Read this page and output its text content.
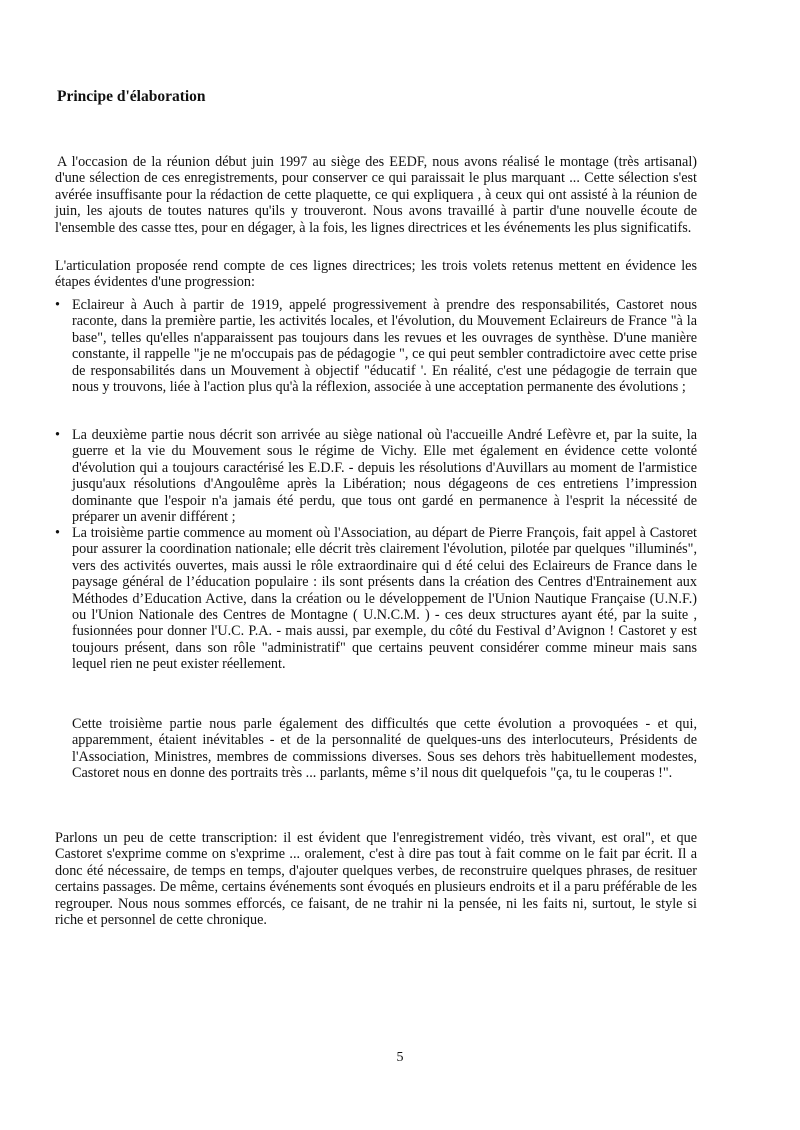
Principe d'élaboration

A l'occasion de la réunion début juin 1997 au siège des EEDF, nous avons réalisé le montage (très artisanal) d'une sélection de ces enregistrements, pour conserver ce qui paraissait le plus marquant ... Cette sélection s'est avérée insuffisante pour la rédaction de cette plaquette, ce qui expliquera , à ceux qui ont assisté à la réunion de juin, les ajouts de toutes natures qu'ils y trouveront. Nous avons travaillé à partir d'une nouvelle écoute de l'ensemble des casse ttes, pour en dégager, à la fois, les lignes directrices et les événements les plus significatifs.

L'articulation proposée rend compte de ces lignes directrices; les trois volets retenus mettent en évidence les étapes évidentes d'une progression:

• Eclaireur à Auch à partir de 1919, appelé progressivement à prendre des responsabilités, Castoret nous raconte, dans la première partie, les activités locales, et l'évolution, du Mouvement Eclaireurs de France "à la base", telles qu'elles n'apparaissent pas toujours dans les revues et les ouvrages de synthèse. D'une manière constante, il rappelle "je ne m'occupais pas de pédagogie ", ce qui peut sembler contradictoire avec cette prise de responsabilités dans un Mouvement à objectif "éducatif '. En réalité, c'est une pédagogie de terrain que nous y trouvons, liée à l'action plus qu'à la réflexion, associée à une acceptation permanente des évolutions ;
• La deuxième partie nous décrit son arrivée au siège national où l'accueille André Lefèvre et, par la suite, la guerre et la vie du Mouvement sous le régime de Vichy. Elle met également en évidence cette volonté d'évolution qui a toujours caractérisé les E.D.F. - depuis les résolutions d'Auvillars au moment de l'armistice jusqu'aux résolutions d'Angoulême après la Libération; nous dégageons de ces entretiens l’impression dominante que l'espoir n'a jamais été perdu, que tous ont gardé en permanence à l'esprit la nécessité de préparer un avenir différent ;
• La troisième partie commence au moment où l'Association, au départ de Pierre François, fait appel à Castoret pour assurer la coordination nationale; elle décrit très clairement l'évolution, pilotée par quelques "illuminés", vers des activités ouvertes, mais aussi le rôle extraordinaire qui d été celui des Eclaireurs de France dans le paysage général de l’éducation populaire : ils sont présents dans la création des Centres d'Entrainement aux Méthodes d’Education Active, dans la création ou le développement de l'Union Nautique Française (U.N.F.) ou l'Union Nationale des Centres de Montagne ( U.N.C.M. ) - ces deux structures ayant été, par la suite , fusionnées pour donner l'U.C. P.A. - mais aussi, par exemple, du côté du Festival d’Avignon ! Castoret y est toujours présent, dans son rôle "administratif" que certains peuvent considérer comme mineur mais sans lequel rien ne peut exister réellement.

Cette troisième partie nous parle également des difficultés que cette évolution a provoquées - et qui, apparemment, étaient inévitables - et de la personnalité de quelques-uns des interlocuteurs, Présidents de l'Association, Ministres, membres de commissions diverses. Sous ses dehors très habituellement modestes, Castoret nous en donne des portraits très ... parlants, même s’il nous dit quelquefois "ça, tu le couperas !".

Parlons un peu de cette transcription: il est évident que l'enregistrement vidéo, très vivant, est oral", et que Castoret s'exprime comme on s'exprime ... oralement, c'est à dire pas tout à fait comme on le fait par écrit. Il a donc été nécessaire, de temps en temps, d'ajouter quelques verbes, de reconstruire quelques phrases, de resituer certains passages. De même, certains événements sont évoqués en plusieurs endroits et il a paru préférable de les regrouper. Nous nous sommes efforcés, ce faisant, de ne trahir ni la pensée, ni les faits ni, surtout, le style si riche et personnel de cette chronique.

5
